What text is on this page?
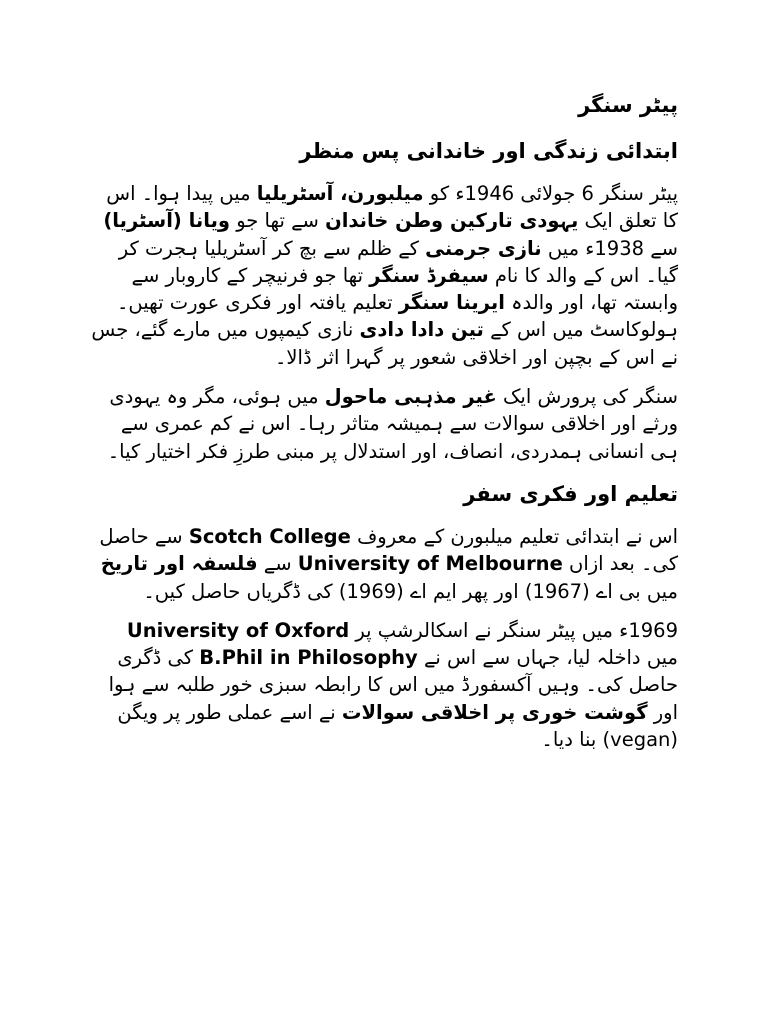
پیٹر سنگر
ابتدائی زندگی اور خاندانی پس منظر

پیٹر سنگر 6 جولائی 1946ء کو میلبورن، آسٹریلیا میں پیدا ہوا۔ اس کا تعلق ایک یہودی تارکین وطن خاندان سے تھا جو ویانا (آسٹریا) سے 1938ء میں نازی جرمنی کے ظلم سے بچ کر آسٹریلیا ہجرت کر گیا۔ اس کے والد کا نام سیفرڈ سنگر تھا جو فرنیچر کے کاروبار سے وابستہ تھا، اور والدہ ایرینا سنگر تعلیم یافتہ اور فکری عورت تھیں۔ ہولوکاسٹ میں اس کے تین دادا دادی نازی کیمپوں میں مارے گئے، جس نے اس کے بچپن اور اخلاقی شعور پر گہرا اثر ڈالا۔

سنگر کی پرورش ایک غیر مذہبی ماحول میں ہوئی، مگر وہ یہودی ورثے اور اخلاقی سوالات سے ہمیشہ متاثر رہا۔ اس نے کم عمری سے ہی انسانی ہمدردی، انصاف، اور استدلال پر مبنی طرزِ فکر اختیار کیا۔

تعلیم اور فکری سفر

اس نے ابتدائی تعلیم میلبورن کے معروف Scotch College سے حاصل کی۔ بعد ازاں University of Melbourne سے فلسفہ اور تاریخ میں بی اے (1967) اور پھر ایم اے (1969) کی ڈگریاں حاصل کیں۔

1969ء میں پیٹر سنگر نے اسکالرشپ پر University of Oxford میں داخلہ لیا، جہاں سے اس نے B.Phil in Philosophy کی ڈگری حاصل کی۔ وہیں آکسفورڈ میں اس کا رابطہ سبزی خور طلبہ سے ہوا اور گوشت خوری پر اخلاقی سوالات نے اسے عملی طور پر ویگن (vegan) بنا دیا۔
